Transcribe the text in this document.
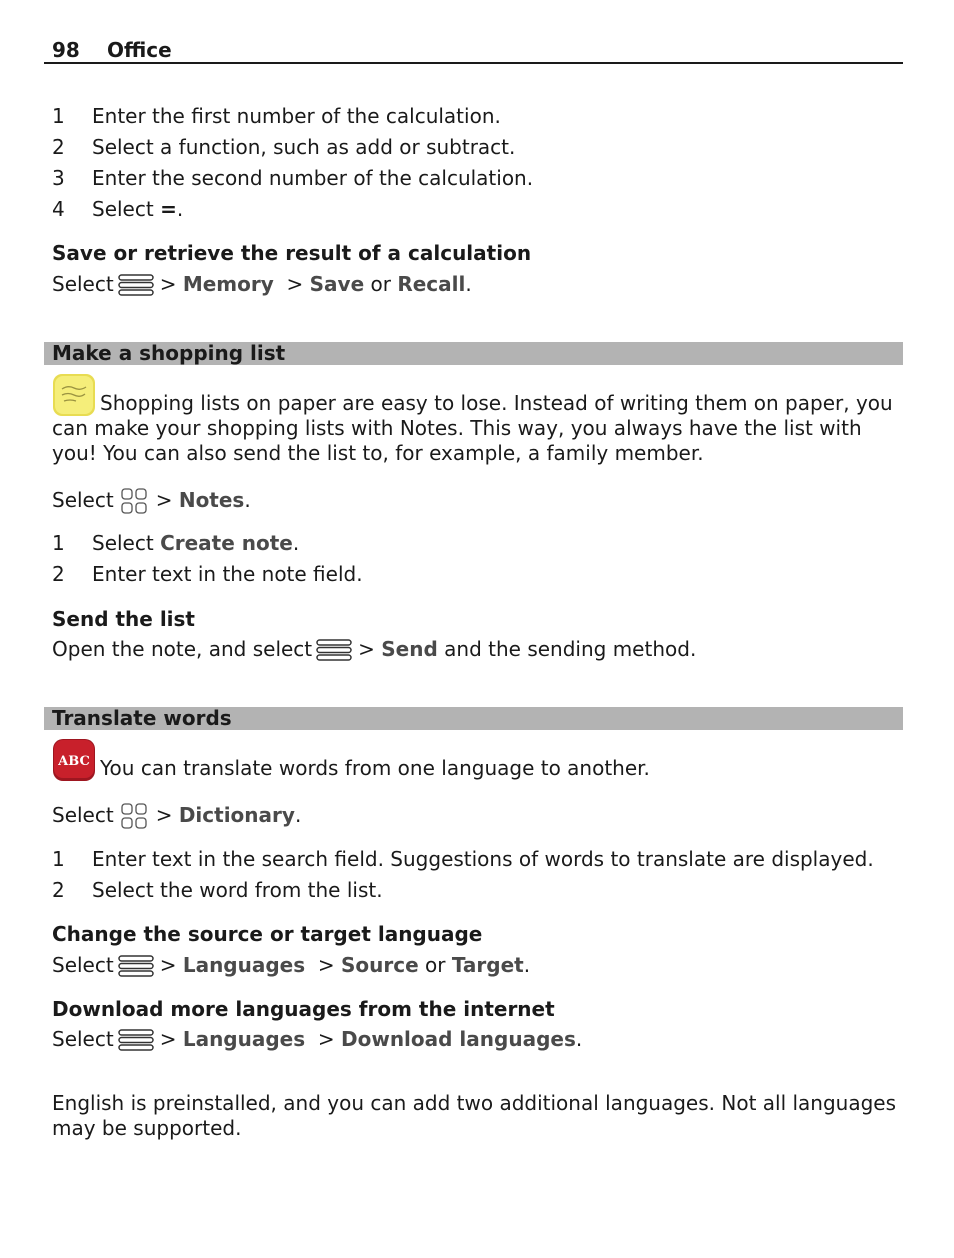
98 Office
1 Enter the first number of the calculation.
2 Select a function, such as add or subtract.
3 Enter the second number of the calculation.
4 Select =.
Save or retrieve the result of a calculation
Select > Memory > Save or Recall.
Make a shopping list
Shopping lists on paper are easy to lose. Instead of writing them on paper, you can make your shopping lists with Notes. This way, you always have the list with you! You can also send the list to, for example, a family member.
Select > Notes.
1 Select Create note.
2 Enter text in the note field.
Send the list
Open the note, and select > Send and the sending method.
Translate words
ABC You can translate words from one language to another.
Select > Dictionary.
1 Enter text in the search field. Suggestions of words to translate are displayed.
2 Select the word from the list.
Change the source or target language
Select > Languages > Source or Target.
Download more languages from the internet
Select > Languages > Download languages.
English is preinstalled, and you can add two additional languages. Not all languages may be supported.
